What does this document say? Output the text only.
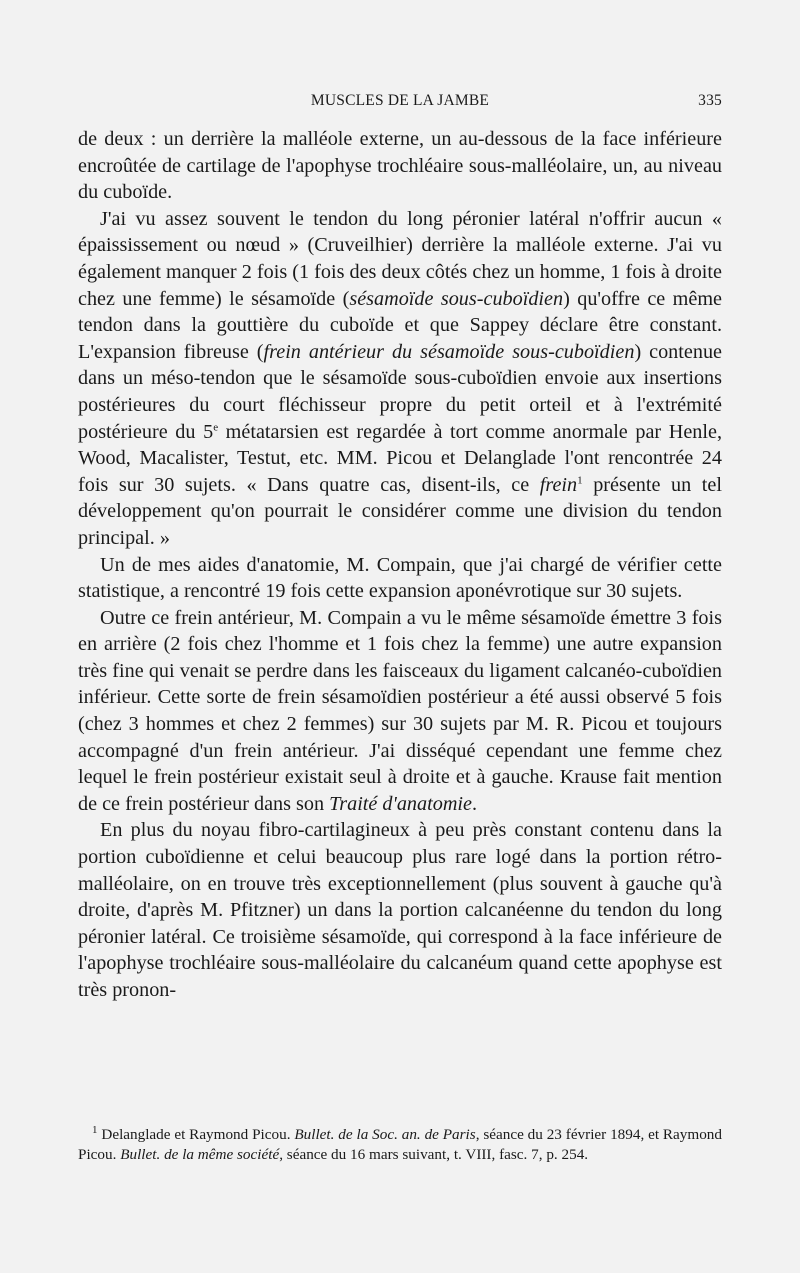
MUSCLES DE LA JAMBE	335

de deux : un derrière la malléole externe, un au-dessous de la face inférieure encroûtée de cartilage de l'apophyse trochléaire sous-malléolaire, un, au niveau du cuboïde.

J'ai vu assez souvent le tendon du long péronier latéral n'offrir aucun « épaississement ou nœud » (Cruveilhier) derrière la malléole externe. J'ai vu également manquer 2 fois (1 fois des deux côtés chez un homme, 1 fois à droite chez une femme) le sésamoïde (sésamoïde sous-cuboïdien) qu'offre ce même tendon dans la gouttière du cuboïde et que Sappey déclare être constant. L'expansion fibreuse (frein antérieur du sésamoïde sous-cuboïdien) contenue dans un méso-tendon que le sésamoïde sous-cuboïdien envoie aux insertions postérieures du court fléchisseur propre du petit orteil et à l'extrémité postérieure du 5e métatarsien est regardée à tort comme anormale par Henle, Wood, Macalister, Testut, etc. MM. Picou et Delanglade l'ont rencontrée 24 fois sur 30 sujets. « Dans quatre cas, disent-ils, ce frein$^1$ présente un tel développement qu'on pourrait le considérer comme une division du tendon principal. »

Un de mes aides d'anatomie, M. Compain, que j'ai chargé de vérifier cette statistique, a rencontré 19 fois cette expansion aponévrotique sur 30 sujets.

Outre ce frein antérieur, M. Compain a vu le même sésamoïde émettre 3 fois en arrière (2 fois chez l'homme et 1 fois chez la femme) une autre expansion très fine qui venait se perdre dans les faisceaux du ligament calcanéo-cuboïdien inférieur. Cette sorte de frein sésamoïdien postérieur a été aussi observé 5 fois (chez 3 hommes et chez 2 femmes) sur 30 sujets par M. R. Picou et toujours accompagné d'un frein antérieur. J'ai disséqué cependant une femme chez lequel le frein postérieur existait seul à droite et à gauche. Krause fait mention de ce frein postérieur dans son Traité d'anatomie.

En plus du noyau fibro-cartilagineux à peu près constant contenu dans la portion cuboïdienne et celui beaucoup plus rare logé dans la portion rétro-malléolaire, on en trouve très exceptionnellement (plus souvent à gauche qu'à droite, d'après M. Pfitzner) un dans la portion calcanéenne du tendon du long péronier latéral. Ce troisième sésamoïde, qui correspond à la face inférieure de l'apophyse trochléaire sous-malléolaire du calcanéum quand cette apophyse est très pronon-

$^1$ Delanglade et Raymond Picou. Bullet. de la Soc. an. de Paris, séance du 23 février 1894, et Raymond Picou. Bullet. de la même société, séance du 16 mars suivant, t. VIII, fasc. 7, p. 254.
